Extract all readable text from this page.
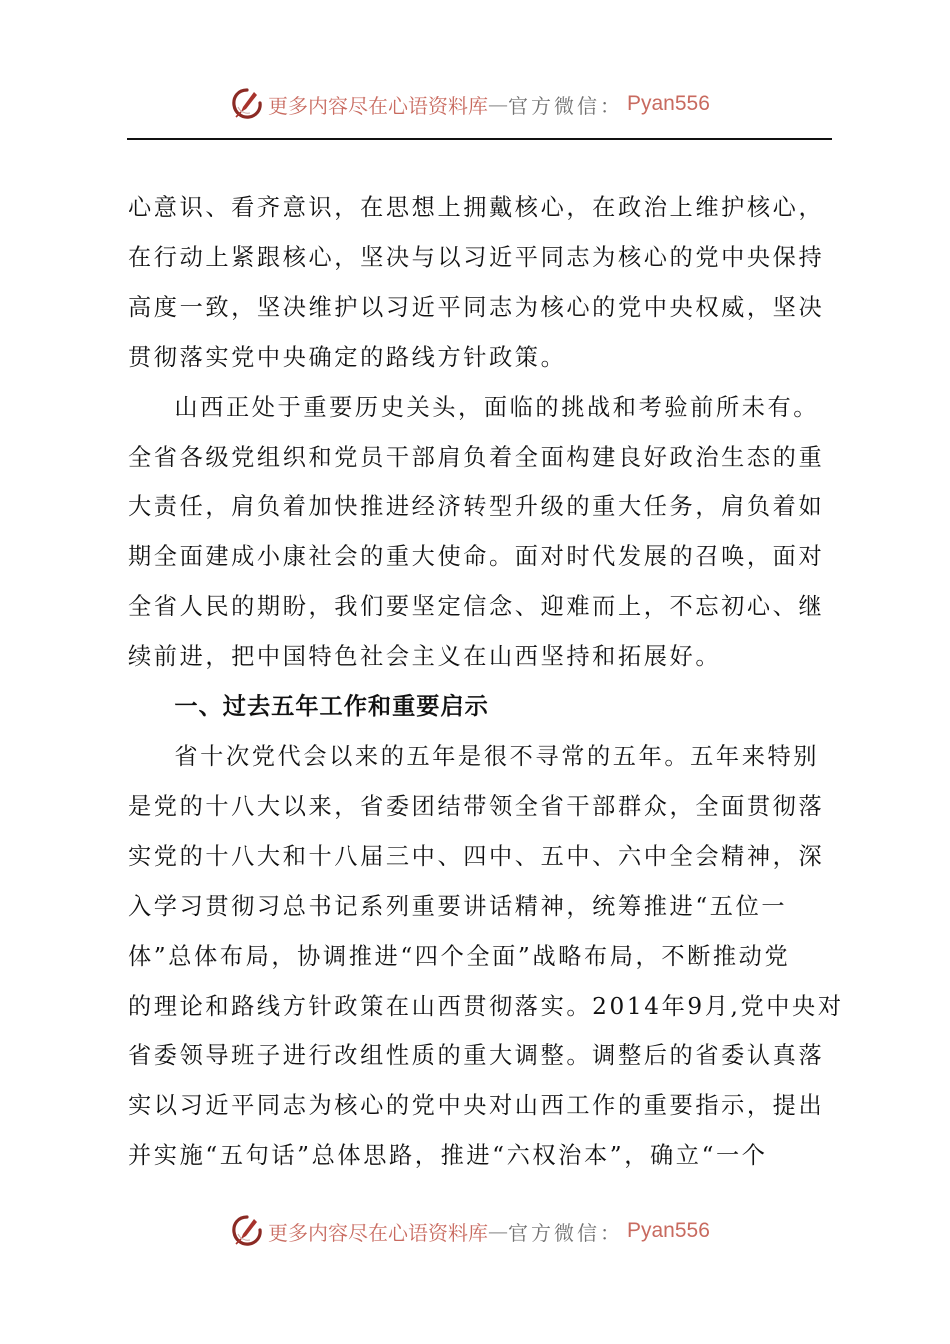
更多内容尽在心语资料库 — 官方微信： Pyan556

心意识、看齐意识，在思想上拥戴核心，在政治上维护核心，
在行动上紧跟核心，坚决与以习近平同志为核心的党中央保持
高度一致，坚决维护以习近平同志为核心的党中央权威，坚决
贯彻落实党中央确定的路线方针政策。

山西正处于重要历史关头，面临的挑战和考验前所未有。
全省各级党组织和党员干部肩负着全面构建良好政治生态的重
大责任，肩负着加快推进经济转型升级的重大任务，肩负着如
期全面建成小康社会的重大使命。面对时代发展的召唤，面对
全省人民的期盼，我们要坚定信念、迎难而上，不忘初心、继
续前进，把中国特色社会主义在山西坚持和拓展好。

一、过去五年工作和重要启示

省十次党代会以来的五年是很不寻常的五年。五年来特别
是党的十八大以来，省委团结带领全省干部群众，全面贯彻落
实党的十八大和十八届三中、四中、五中、六中全会精神，深
入学习贯彻习总书记系列重要讲话精神，统筹推进“五位一
体”总体布局，协调推进“四个全面”战略布局，不断推动党
的理论和路线方针政策在山西贯彻落实。2014年9月,党中央对
省委领导班子进行改组性质的重大调整。调整后的省委认真落
实以习近平同志为核心的党中央对山西工作的重要指示，提出
并实施“五句话”总体思路，推进“六权治本”，确立“一个

更多内容尽在心语资料库 — 官方微信： Pyan556
